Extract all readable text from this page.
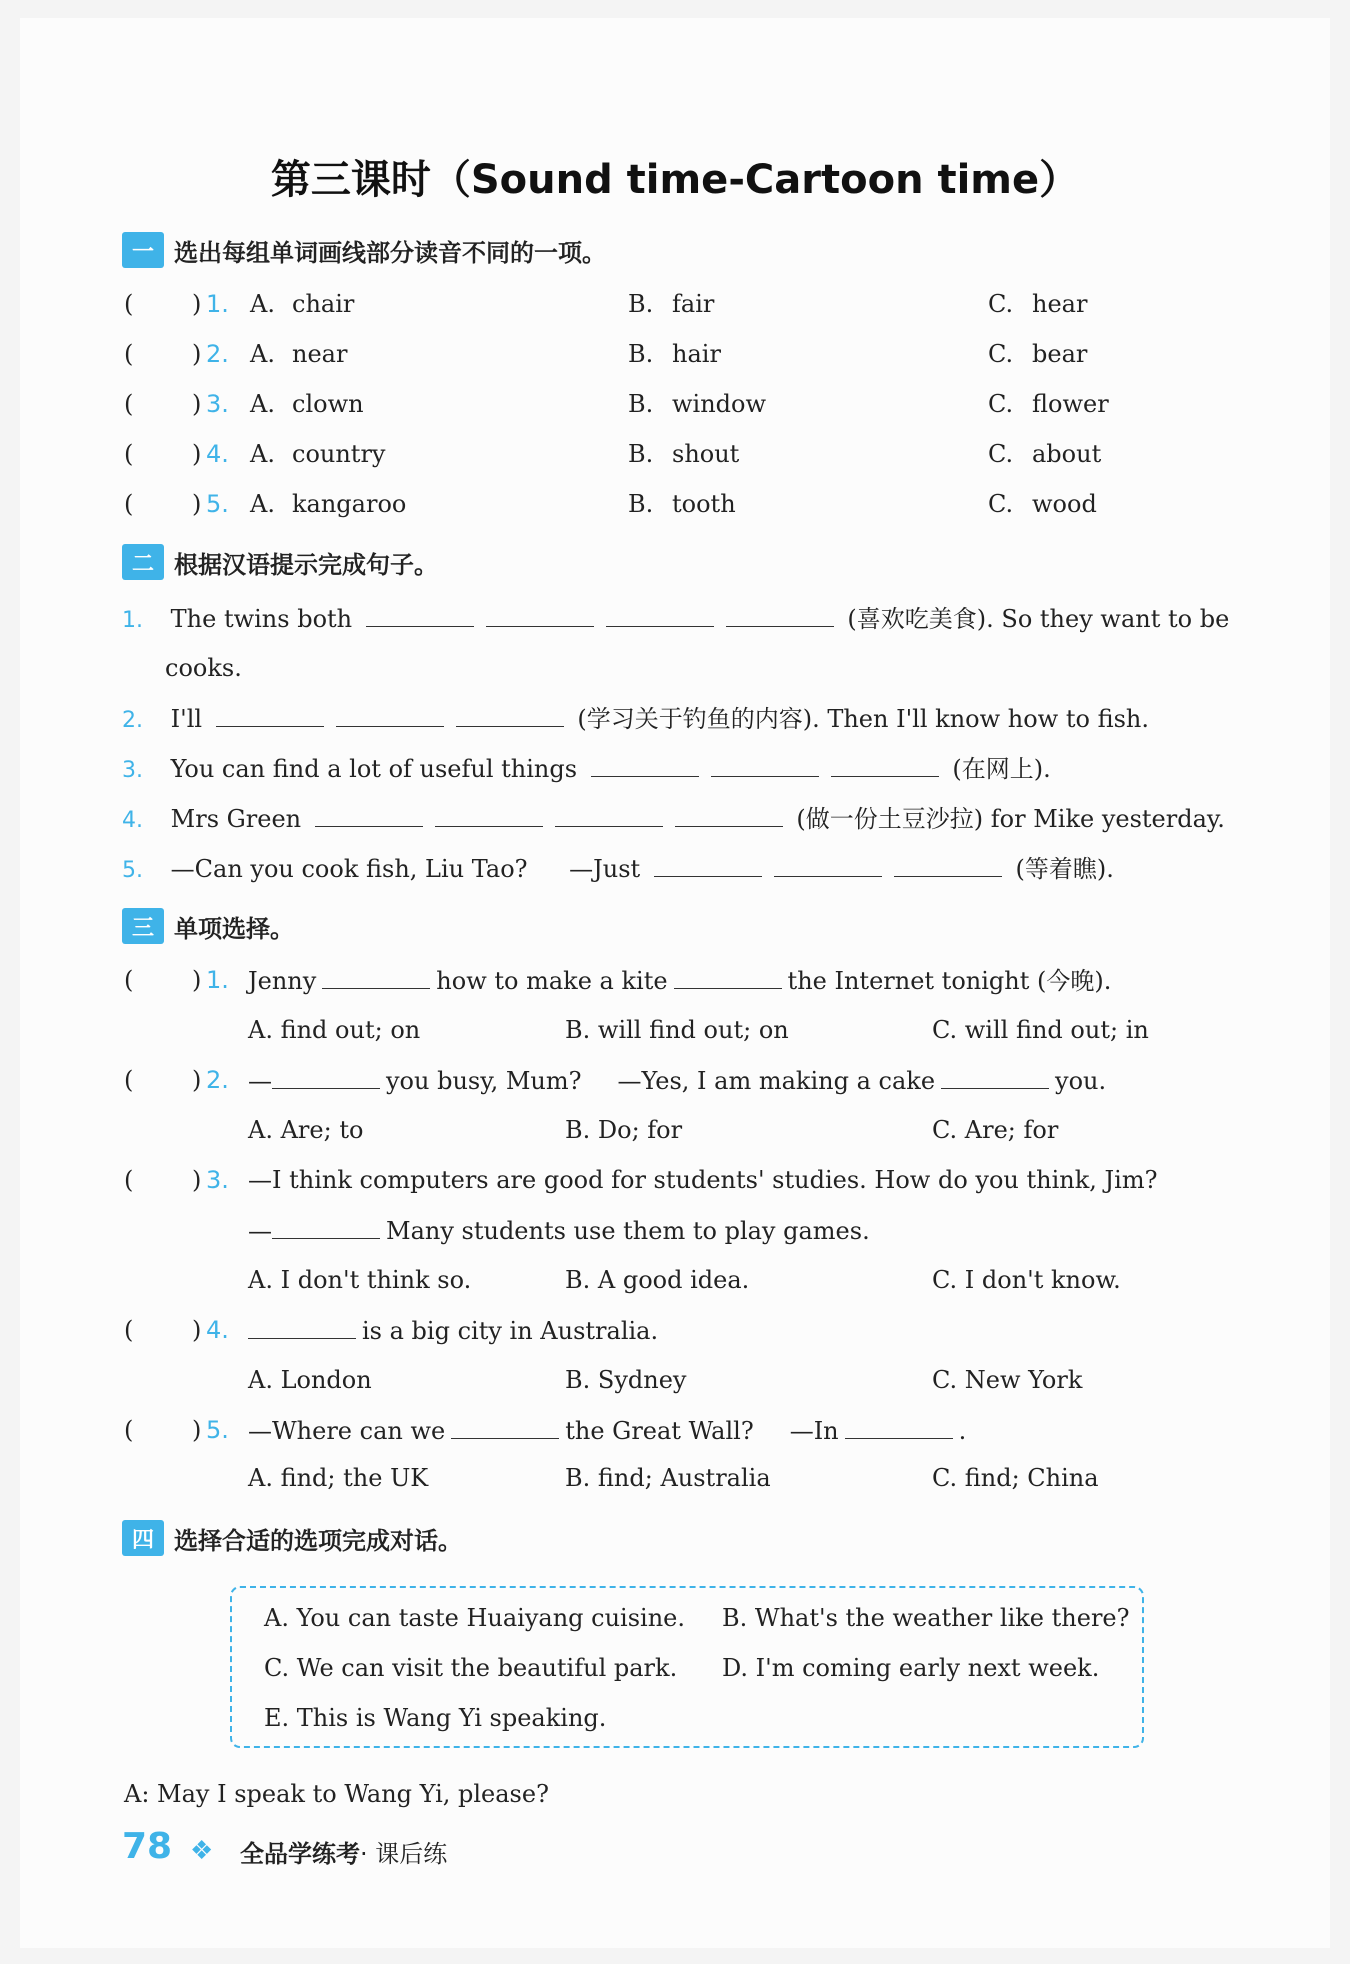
第三课时（Sound time-Cartoon time）
一 选出每组单词画线部分读音不同的一项。
( ) 1. A. chair	B. fair	C. hear
( ) 2. A. near	B. hair	C. bear
( ) 3. A. clown	B. window	C. flower
( ) 4. A. country	B. shout	C. about
( ) 5. A. kangaroo	B. tooth	C. wood
二 根据汉语提示完成句子。
1. The twins both	(喜欢吃美食). So they want to be
cooks.
2. I'll	(学习关于钓鱼的内容). Then I'll know how to fish.
3. You can find a lot of useful things	(在网上).
4. Mrs Green	(做一份土豆沙拉) for Mike yesterday.
5. —Can you cook fish, Liu Tao? —Just	(等着瞧).
三 单项选择。
( ) 1. Jenny	how to make a kite	the Internet tonight (今晚).
A. find out; on	B. will find out; on	C. will find out; in
( ) 2. —	you busy, Mum? —Yes, I am making a cake	you.
A. Are; to	B. Do; for	C. Are; for
( ) 3. —I think computers are good for students' studies. How do you think, Jim?
—	Many students use them to play games.
A. I don't think so.	B. A good idea.	C. I don't know.
( ) 4.	is a big city in Australia.
A. London	B. Sydney	C. New York
( ) 5. —Where can we	the Great Wall? —In	.
A. find; the UK	B. find; Australia	C. find; China
四 选择合适的选项完成对话。
A. You can taste Huaiyang cuisine. B. What's the weather like there?
C. We can visit the beautiful park. D. I'm coming early next week.
E. This is Wang Yi speaking.
A: May I speak to Wang Yi, please?
78 ❖ 全品学练考· 课后练
